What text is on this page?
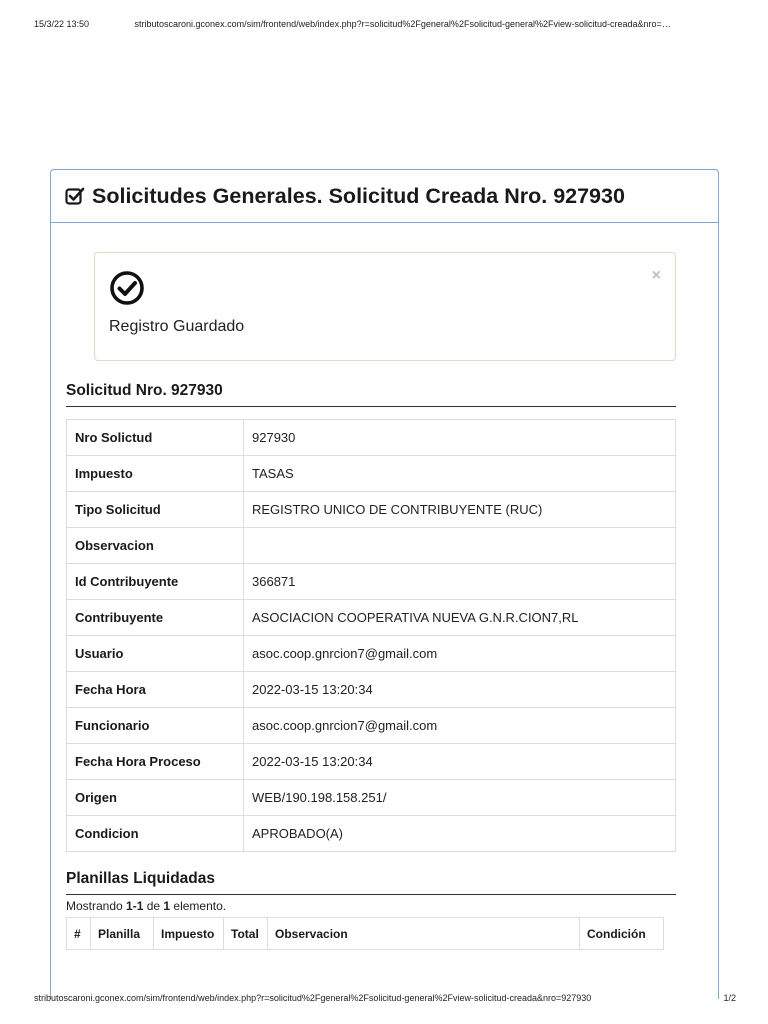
15/3/22 13:50	stributoscaroni.gconex.com/sim/frontend/web/index.php?r=solicitud%2Fgeneral%2Fsolicitud-general%2Fview-solicitud-creada&nro=…
Solicitudes Generales. Solicitud Creada Nro. 927930
Registro Guardado
×
Solicitud Nro. 927930
Nro Solictud	927930
Impuesto	TASAS
Tipo Solicitud	REGISTRO UNICO DE CONTRIBUYENTE (RUC)
Observacion	
Id Contribuyente	366871
Contribuyente	ASOCIACION COOPERATIVA NUEVA G.N.R.CION7,RL
Usuario	asoc.coop.gnrcion7@gmail.com
Fecha Hora	2022-03-15 13:20:34
Funcionario	asoc.coop.gnrcion7@gmail.com
Fecha Hora Proceso	2022-03-15 13:20:34
Origen	WEB/190.198.158.251/
Condicion	APROBADO(A)
Planillas Liquidadas
Mostrando 1-1 de 1 elemento.
#	Planilla	Impuesto	Total	Observacion	Condición
stributoscaroni.gconex.com/sim/frontend/web/index.php?r=solicitud%2Fgeneral%2Fsolicitud-general%2Fview-solicitud-creada&nro=927930	1/2
